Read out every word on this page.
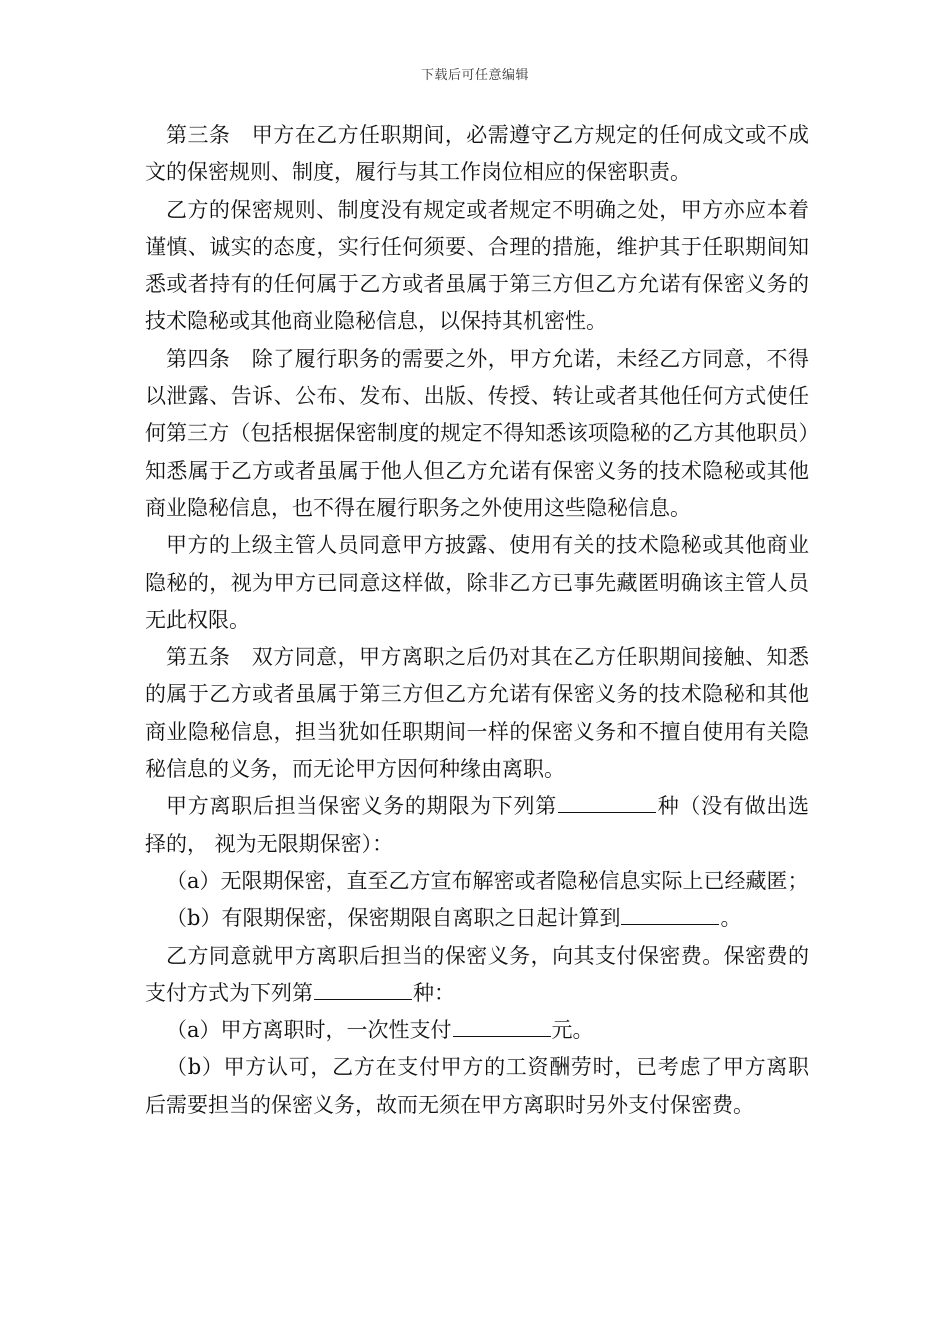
下载后可任意编辑

第三条　甲方在乙方任职期间，必需遵守乙方规定的任何成文或不成文的保密规则、制度，履行与其工作岗位相应的保密职责。

乙方的保密规则、制度没有规定或者规定不明确之处，甲方亦应本着谨慎、诚实的态度，实行任何须要、合理的措施，维护其于任职期间知悉或者持有的任何属于乙方或者虽属于第三方但乙方允诺有保密义务的技术隐秘或其他商业隐秘信息，以保持其机密性。

第四条　除了履行职务的需要之外，甲方允诺，未经乙方同意，不得以泄露、告诉、公布、发布、出版、传授、转让或者其他任何方式使任何第三方（包括根据保密制度的规定不得知悉该项隐秘的乙方其他职员）知悉属于乙方或者虽属于他人但乙方允诺有保密义务的技术隐秘或其他商业隐秘信息，也不得在履行职务之外使用这些隐秘信息。

甲方的上级主管人员同意甲方披露、使用有关的技术隐秘或其他商业隐秘的，视为甲方已同意这样做，除非乙方已事先藏匿明确该主管人员无此权限。

第五条　双方同意，甲方离职之后仍对其在乙方任职期间接触、知悉的属于乙方或者虽属于第三方但乙方允诺有保密义务的技术隐秘和其他商业隐秘信息，担当犹如任职期间一样的保密义务和不擅自使用有关隐秘信息的义务，而无论甲方因何种缘由离职。

甲方离职后担当保密义务的期限为下列第	种（没有做出选择的， 视为无限期保密）：

（a）无限期保密，直至乙方宣布解密或者隐秘信息实际上已经藏匿；

（b）有限期保密，保密期限自离职之日起计算到	。

乙方同意就甲方离职后担当的保密义务，向其支付保密费。保密费的支付方式为下列第	种：

（a）甲方离职时，一次性支付	元。

（b）甲方认可，乙方在支付甲方的工资酬劳时，已考虑了甲方离职后需要担当的保密义务，故而无须在甲方离职时另外支付保密费。
